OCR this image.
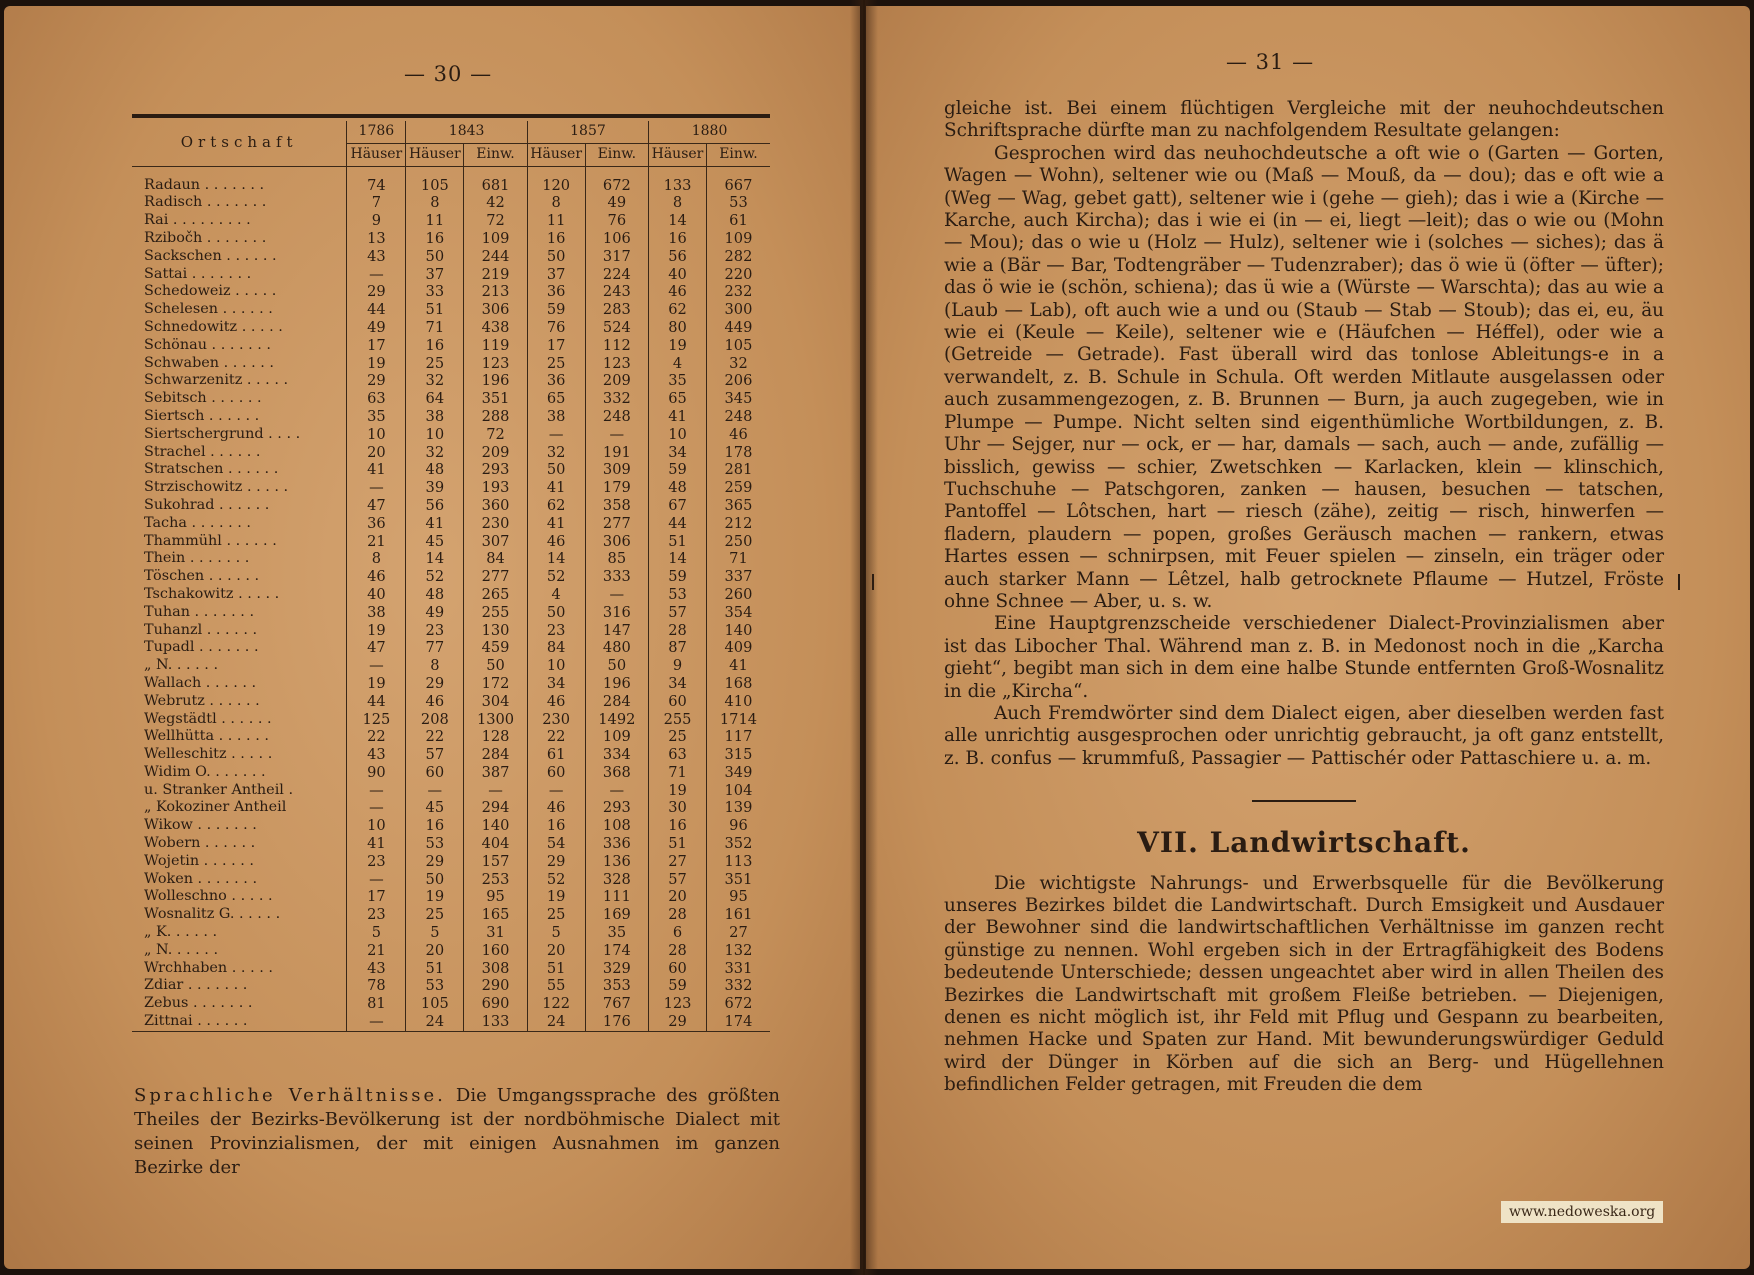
— 30 —
Ortschaft	1786	1843		1857		1880	
	Häuser	Häuser	Einw.	Häuser	Einw.	Häuser	Einw.

Radaun . . . . . . .	74	105	681	120	672	133	667
Radisch . . . . . . .	7	8	42	8	49	8	53
Rai . . . . . . . . .	9	11	72	11	76	14	61
Rzibočh . . . . . . .	13	16	109	16	106	16	109
Sackschen . . . . . .	43	50	244	50	317	56	282
Sattai . . . . . . .	—	37	219	37	224	40	220
Schedoweiz . . . . .	29	33	213	36	243	46	232
Schelesen . . . . . .	44	51	306	59	283	62	300
Schnedowitz . . . . .	49	71	438	76	524	80	449
Schönau . . . . . . .	17	16	119	17	112	19	105
Schwaben . . . . . .	19	25	123	25	123	4	32
Schwarzenitz . . . . .	29	32	196	36	209	35	206
Sebitsch . . . . . .	63	64	351	65	332	65	345
Siertsch . . . . . .	35	38	288	38	248	41	248
Siertschergrund . . . .	10	10	72	—	—	10	46
Strachel . . . . . .	20	32	209	32	191	34	178
Stratschen . . . . . .	41	48	293	50	309	59	281
Strzischowitz . . . . .	—	39	193	41	179	48	259
Sukohrad . . . . . .	47	56	360	62	358	67	365
Tacha . . . . . . .	36	41	230	41	277	44	212
Thammühl . . . . . .	21	45	307	46	306	51	250
Thein . . . . . . .	8	14	84	14	85	14	71
Töschen . . . . . .	46	52	277	52	333	59	337
Tschakowitz . . . . .	40	48	265	4	—	53	260
Tuhan . . . . . . .	38	49	255	50	316	57	354
Tuhanzl . . . . . .	19	23	130	23	147	28	140
Tupadl . . . . . . .	47	77	459	84	480	87	409
„ N. . . . . .	—	8	50	10	50	9	41
Wallach . . . . . .	19	29	172	34	196	34	168
Webrutz . . . . . .	44	46	304	46	284	60	410
Wegstädtl . . . . . .	125	208	1300	230	1492	255	1714
Wellhütta . . . . . .	22	22	128	22	109	25	117
Welleschitz . . . . .	43	57	284	61	334	63	315
Widim O. . . . . . .	90	60	387	60	368	71	349
u. Stranker Antheil .	—	—	—	—	—	19	104
„ Kokoziner Antheil	—	45	294	46	293	30	139
Wikow . . . . . . .	10	16	140	16	108	16	96
Wobern . . . . . .	41	53	404	54	336	51	352
Wojetin . . . . . .	23	29	157	29	136	27	113
Woken . . . . . . .	—	50	253	52	328	57	351
Wolleschno . . . . .	17	19	95	19	111	20	95
Wosnalitz G. . . . . .	23	25	165	25	169	28	161
„ K. . . . . .	5	5	31	5	35	6	27
„ N. . . . . .	21	20	160	20	174	28	132
Wrchhaben . . . . .	43	51	308	51	329	60	331
Zdiar . . . . . . .	78	53	290	55	353	59	332
Zebus . . . . . . .	81	105	690	122	767	123	672
Zittnai . . . . . .	—	24	133	24	176	29	174
Sprachliche Verhältnisse. Die Umgangssprache des größten Theiles der Bezirks-Bevölkerung ist der nordböhmische Dialect mit seinen Provinzialismen, der mit einigen Ausnahmen im ganzen Bezirke der
— 31 —

gleiche ist. Bei einem flüchtigen Vergleiche mit der neuhochdeutschen Schriftsprache dürfte man zu nachfolgendem Resultate gelangen:

Gesprochen wird das neuhochdeutsche a oft wie o (Garten — Gorten, Wagen — Wohn), seltener wie ou (Maß — Mouß, da — dou); das e oft wie a (Weg — Wag, gebet gatt), seltener wie i (gehe — gieh); das i wie a (Kirche — Karche, auch Kircha); das i wie ei (in — ei, liegt —leit); das o wie ou (Mohn — Mou); das o wie u (Holz — Hulz), seltener wie i (solches — siches); das ä wie a (Bär — Bar, Todtengräber — Tudenzraber); das ö wie ü (öfter — üfter); das ö wie ie (schön, schiena); das ü wie a (Würste — Warschta); das au wie a (Laub — Lab), oft auch wie a und ou (Staub — Stab — Stoub); das ei, eu, äu wie ei (Keule — Keile), seltener wie e (Häufchen — Héffel), oder wie a (Getreide — Getrade). Fast überall wird das tonlose Ableitungs-e in a verwandelt, z. B. Schule in Schula. Oft werden Mitlaute ausgelassen oder auch zusammengezogen, z. B. Brunnen — Burn, ja auch zugegeben, wie in Plumpe — Pumpe. Nicht selten sind eigenthümliche Wortbildungen, z. B. Uhr — Sejger, nur — ock, er — har, damals — sach, auch — ande, zufällig — bisslich, gewiss — schier, Zwetschken — Karlacken, klein — klinschich, Tuchschuhe — Patschgoren, zanken — hausen, besuchen — tatschen, Pantoffel — Lôtschen, hart — riesch (zähe), zeitig — risch, hinwerfen — fladern, plaudern — popen, großes Geräusch machen — rankern, etwas Hartes essen — schnirpsen, mit Feuer spielen — zinseln, ein träger oder auch starker Mann — Lêtzel, halb getrocknete Pflaume — Hutzel, Fröste ohne Schnee — Aber, u. s. w.

Eine Hauptgrenzscheide verschiedener Dialect-Provinzialismen aber ist das Libocher Thal. Während man z. B. in Medonost noch in die „Karcha gieht“, begibt man sich in dem eine halbe Stunde entfernten Groß-Wosnalitz in die „Kircha“.

Auch Fremdwörter sind dem Dialect eigen, aber dieselben werden fast alle unrichtig ausgesprochen oder unrichtig gebraucht, ja oft ganz entstellt, z. B. confus — krummfuß, Passagier — Pattischér oder Pattaschiere u. a. m.

VII. Landwirtschaft.

Die wichtigste Nahrungs- und Erwerbsquelle für die Bevölkerung unseres Bezirkes bildet die Landwirtschaft. Durch Emsigkeit und Ausdauer der Bewohner sind die landwirtschaftlichen Verhältnisse im ganzen recht günstige zu nennen. Wohl ergeben sich in der Ertragfähigkeit des Bodens bedeutende Unterschiede; dessen ungeachtet aber wird in allen Theilen des Bezirkes die Landwirtschaft mit großem Fleiße betrieben. — Diejenigen, denen es nicht möglich ist, ihr Feld mit Pflug und Gespann zu bearbeiten, nehmen Hacke und Spaten zur Hand. Mit bewunderungswürdiger Geduld wird der Dünger in Körben auf die sich an Berg- und Hügellehnen befindlichen Felder getragen, mit Freuden die dem

www.nedoweska.org
